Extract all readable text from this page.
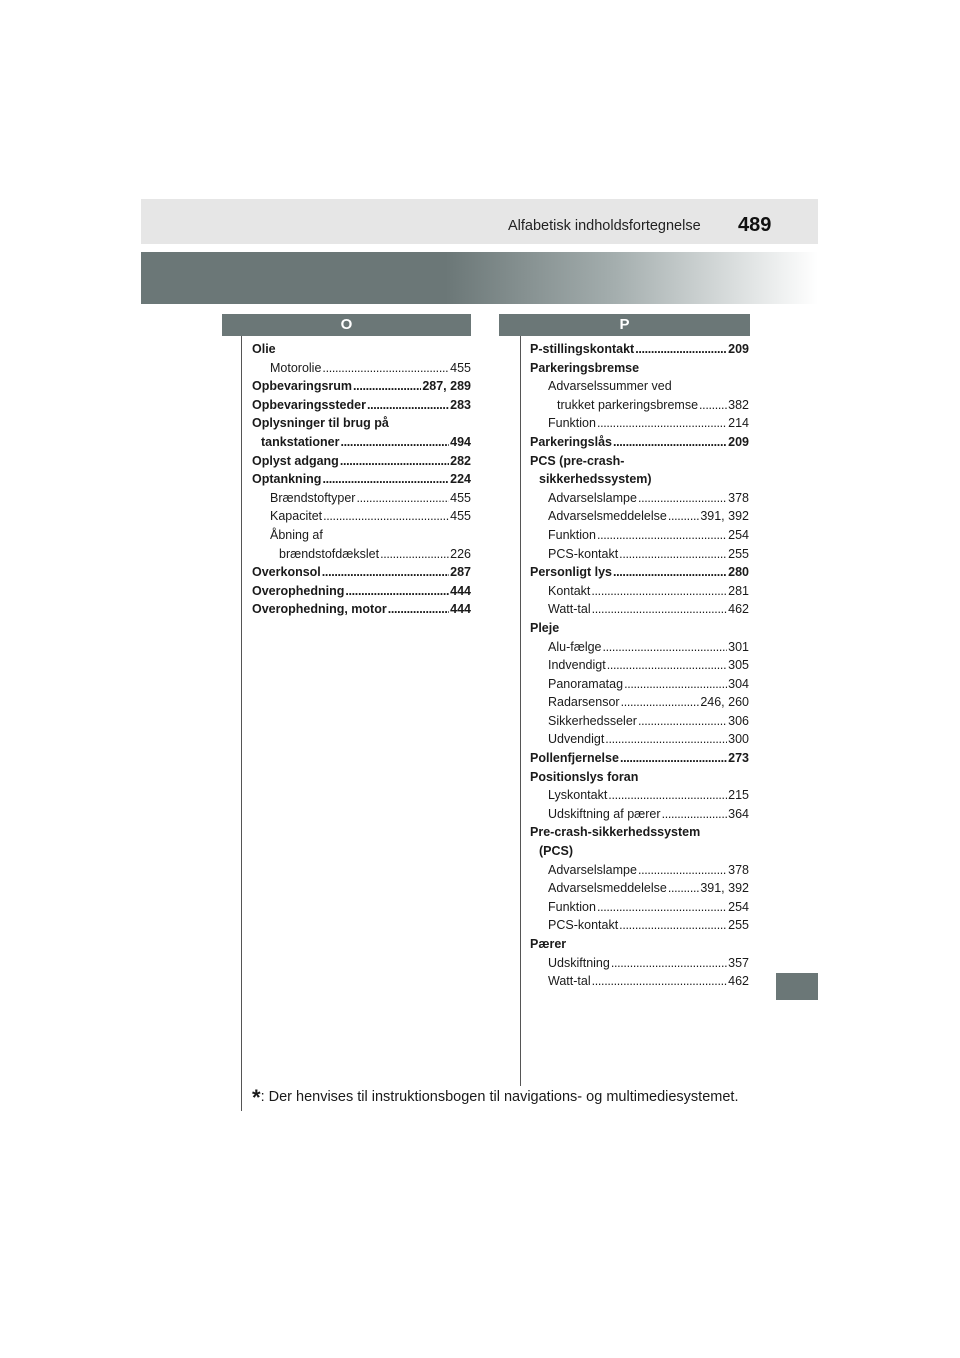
Alfabetisk indholdsfortegnelse 489
O	P
Olie
Motorolie . . .	455
Opbevaringsrum . . .	287, 289
Opbevaringssteder . . .	283
Oplysninger til brug på
tankstationer . . .	494
Oplyst adgang . . .	282
Optankning . . .	224
Brændstoftyper . . .	455
Kapacitet . . .	455
Åbning af
brændstofdækslet . . .	226
Overkonsol . . .	287
Overophedning . . .	444
Overophedning, motor . . .	444
P-stillingskontakt . . .	209
Parkeringsbremse
Advarselssummer ved
trukket parkeringsbremse . . . 382
Funktion . . .	214
Parkeringslås . . .	209
PCS (pre-crash-
sikkerhedssystem)
Advarselslampe . . .	378
Advarselsmeddelelse . . .	391, 392
Funktion . . .	254
PCS-kontakt . . .	255
Personligt lys . . .	280
Kontakt . . .	281
Watt-tal . . .	462
Pleje
Alu-fælge . . .	301
Indvendigt . . .	305
Panoramatag . . .	304
Radarsensor . . .	246, 260
Sikkerhedsseler . . .	306
Udvendigt . . .	300
Pollenfjernelse . . .	273
Positionslys foran
Lyskontakt . . .	215
Udskiftning af pærer . . .	364
Pre-crash-sikkerhedssystem
(PCS)
Advarselslampe . . .	378
Advarselsmeddelelse . . .	391, 392
Funktion . . .	254
PCS-kontakt . . .	255
Pærer
Udskiftning . . .	357
Watt-tal . . .	462
*: Der henvises til instruktionsbogen til navigations- og multimediesystemet.
